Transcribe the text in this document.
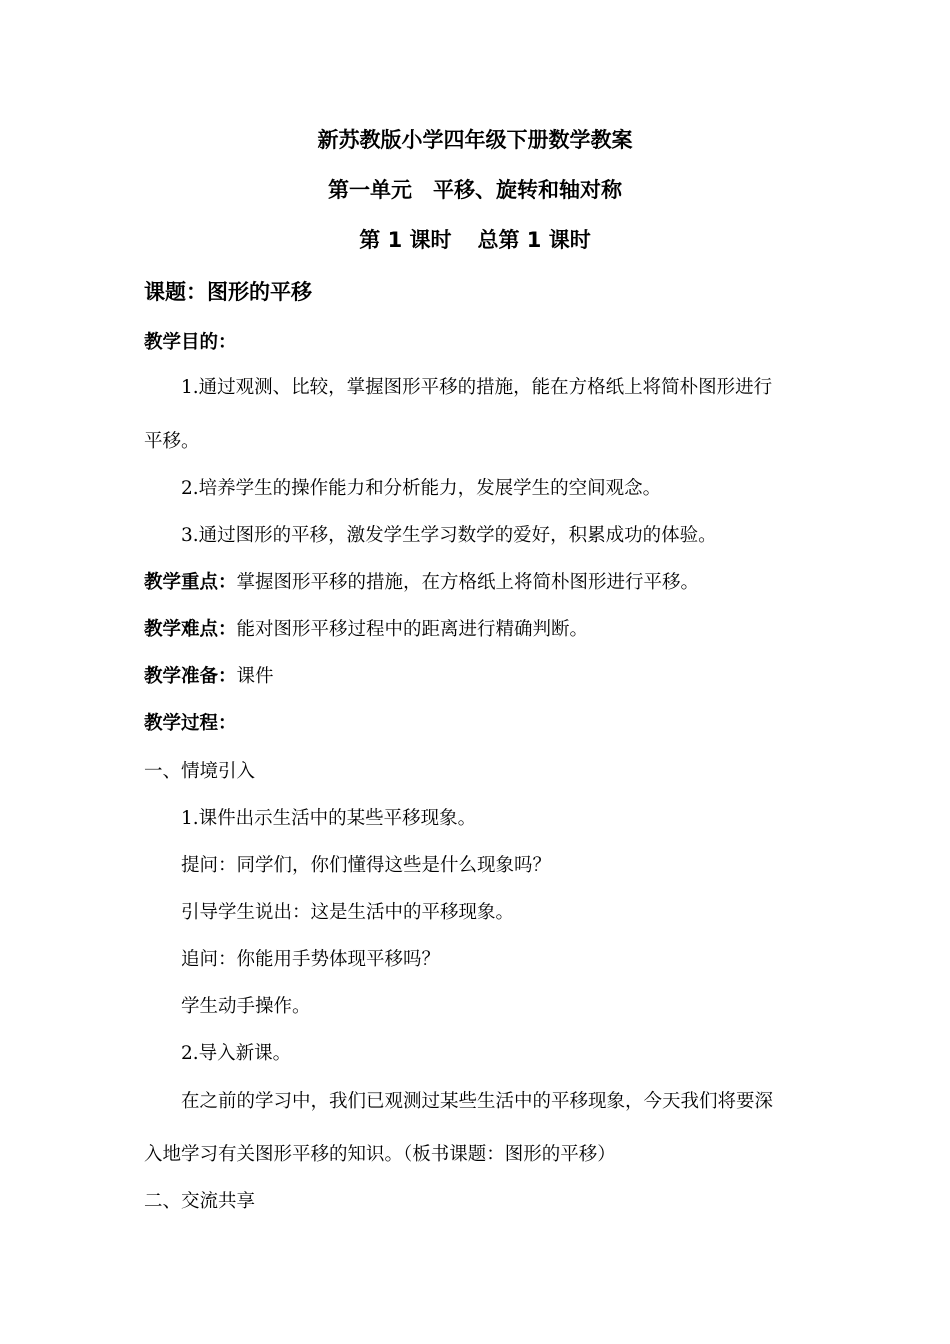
新苏教版小学四年级下册数学教案
第一单元　平移、旋转和轴对称
第 1 课时 总第 1 课时
课题：图形的平移
教学目的：
1.通过观测、比较，掌握图形平移的措施，能在方格纸上将简朴图形进行
平移。
2.培养学生的操作能力和分析能力，发展学生的空间观念。
3.通过图形的平移，激发学生学习数学的爱好，积累成功的体验。
教学重点：掌握图形平移的措施，在方格纸上将简朴图形进行平移。
教学难点：能对图形平移过程中的距离进行精确判断。
教学准备：课件
教学过程：
一、情境引入
1.课件出示生活中的某些平移现象。
提问：同学们，你们懂得这些是什么现象吗？
引导学生说出：这是生活中的平移现象。
追问：你能用手势体现平移吗？
学生动手操作。
2.导入新课。
在之前的学习中，我们已观测过某些生活中的平移现象，今天我们将要深
入地学习有关图形平移的知识。（板书课题：图形的平移）
二、交流共享
